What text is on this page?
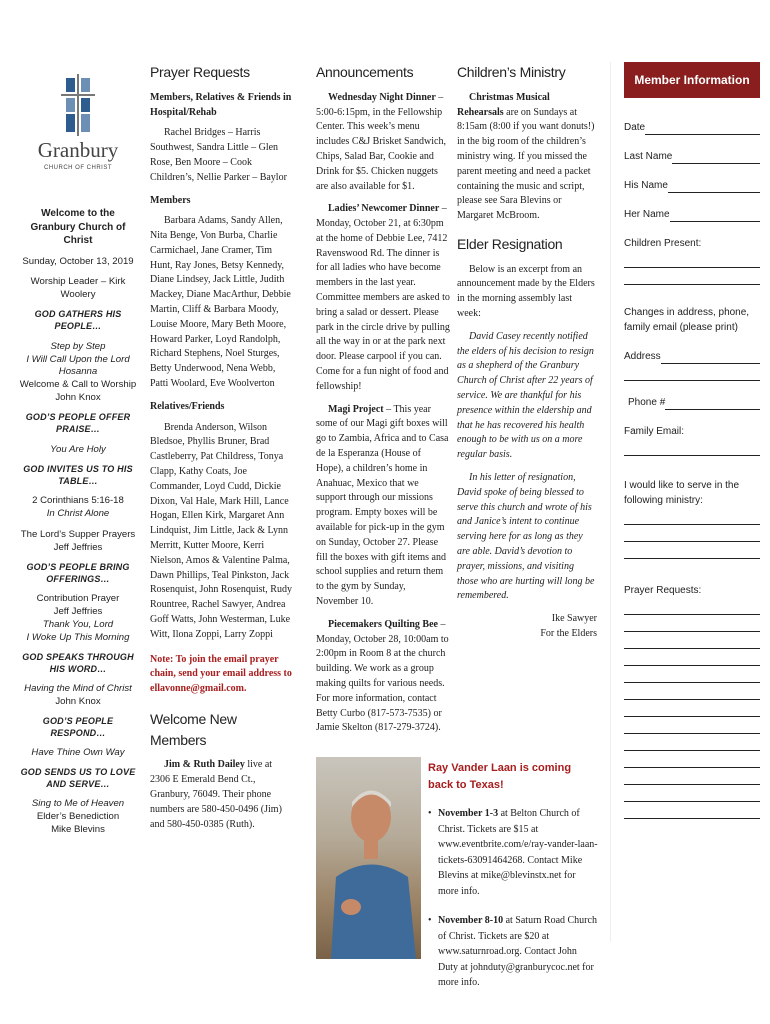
Granbury
CHURCH OF CHRIST
Welcome to the Granbury Church of Christ
Sunday, October 13, 2019
Worship Leader – Kirk Woolery
GOD GATHERS HIS PEOPLE…
Step by Step
I Will Call Upon the Lord
Hosanna
Welcome & Call to Worship
John Knox
GOD’S PEOPLE OFFER PRAISE…
You Are Holy
GOD INVITES US TO HIS TABLE…
2 Corinthians 5:16-18
In Christ Alone
The Lord’s Supper Prayers
Jeff Jeffries
GOD’S PEOPLE BRING OFFERINGS…
Contribution Prayer
Jeff Jeffries
Thank You, Lord
I Woke Up This Morning
GOD SPEAKS THROUGH HIS WORD…
Having the Mind of Christ
John Knox
GOD’S PEOPLE RESPOND…
Have Thine Own Way
GOD SENDS US TO LOVE AND SERVE…
Sing to Me of Heaven
Elder’s Benediction
Mike Blevins
Prayer Requests
Members, Relatives & Friends in Hospital/Rehab

Rachel Bridges – Harris Southwest, Sandra Little – Glen Rose, Ben Moore – Cook Children’s, Nellie Parker – Baylor

Members

Barbara Adams, Sandy Allen, Nita Benge, Von Burba, Charlie Carmichael, Jane Cramer, Tim Hunt, Ray Jones, Betsy Kennedy, Diane Lindsey, Jack Little, Judith Mackey, Diane MacArthur, Debbie Martin, Cliff & Barbara Moody, Louise Moore, Mary Beth Moore, Howard Parker, Loyd Randolph, Richard Stephens, Noel Sturges, Betty Underwood, Nena Webb, Patti Woolard, Eve Woolverton

Relatives/Friends

Brenda Anderson, Wilson Bledsoe, Phyllis Bruner, Brad Castleberry, Pat Childress, Tonya Clapp, Kathy Coats, Joe Commander, Loyd Cudd, Dickie Dixon, Val Hale, Mark Hill, Lance Hogan, Ellen Kirk, Margaret Ann Lindquist, Jim Little, Jack & Lynn Merritt, Kutter Moore, Kerri Nielson, Amos & Valentine Palma, Dawn Phillips, Teal Pinkston, Jack Rosenquist, John Rosenquist, Rudy Rountree, Rachel Sawyer, Andrea Goff Watts, John Westerman, Luke Witt, Ilona Zoppi, Larry Zoppi

Note: To join the email prayer chain, send your email address to ellavonne@gmail.com.

Welcome New Members

Jim & Ruth Dailey live at 2306 E Emerald Bend Ct., Granbury, 76049. Their phone numbers are 580-450-0496 (Jim) and 580-450-0385 (Ruth).

Announcements

Wednesday Night Dinner – 5:00-6:15pm, in the Fellowship Center. This week’s menu includes C&J Brisket Sandwich, Chips, Salad Bar, Cookie and Drink for $5. Chicken nuggets are also available for $1.

Ladies’ Newcomer Dinner – Monday, October 21, at 6:30pm at the home of Debbie Lee, 7412 Ravenswood Rd. The dinner is for all ladies who have become members in the last year. Committee members are asked to bring a salad or dessert. Please park in the circle drive by pulling all the way in or at the park next door. Please carpool if you can. Come for a fun night of food and fellowship!

Magi Project – This year some of our Magi gift boxes will go to Zambia, Africa and to Casa de la Esperanza (House of Hope), a children’s home in Anahuac, Mexico that we support through our missions program. Empty boxes will be available for pick-up in the gym on Sunday, October 27. Please fill the boxes with gift items and school supplies and return them to the gym by Sunday, November 10.

Piecemakers Quilting Bee – Monday, October 28, 10:00am to 2:00pm in Room 8 at the church building. We work as a group making quilts for various needs. For more information, contact Betty Curbo (817-573-7535) or Jamie Skelton (817-279-3724).

Children’s Ministry

Christmas Musical Rehearsals are on Sundays at 8:15am (8:00 if you want donuts!) in the big room of the children’s ministry wing. If you missed the parent meeting and need a packet containing the music and script, please see Sara Blevins or Margaret McBroom.

Elder Resignation

Below is an excerpt from an announcement made by the Elders in the morning assembly last week:

David Casey recently notified the elders of his decision to resign as a shepherd of the Granbury Church of Christ after 22 years of service. We are thankful for his presence within the eldership and that he has recovered his health enough to be with us on a more regular basis.

In his letter of resignation, David spoke of being blessed to serve this church and wrote of his and Janice’s intent to continue serving here for as long as they are able. David’s devotion to prayer, missions, and visiting those who are hurting will long be remembered.

Ike Sawyer
For the Elders
Ray Vander Laan is coming back to Texas!
• November 1-3 at Belton Church of Christ. Tickets are $15 at www.eventbrite.com/e/ray-vander-laan-tickets-63091464268. Contact Mike Blevins at mike@blevinstx.net for more info.
• November 8-10 at Saturn Road Church of Christ. Tickets are $20 at www.saturnroad.org. Contact John Duty at johnduty@granburycoc.net for more info.
Member Information
Date
Last Name
His Name
Her Name
Children Present:
Changes in address, phone, family email (please print)
Address
Phone #
Family Email:
I would like to serve in the following ministry:
Prayer Requests:
